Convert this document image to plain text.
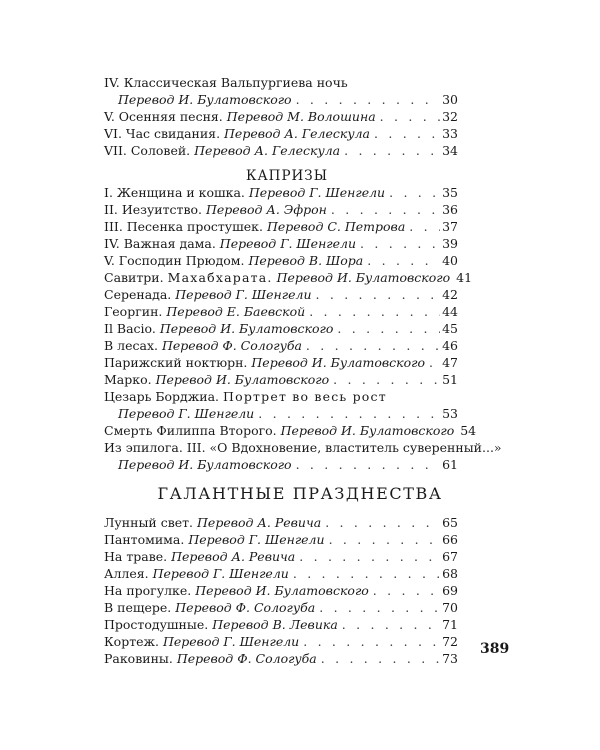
IV. Классическая Вальпургиева ночь
Перевод И. Булатовского . . .	30
V. Осенняя песня. Перевод М. Волошина . . .	32
VI. Час свидания. Перевод А. Гелескула . . .	33
VII. Соловей. Перевод А. Гелескула . . .	34
КАПРИЗЫ
I. Женщина и кошка. Перевод Г. Шенгели . . .	35
II. Иезуитство. Перевод А. Эфрон . . .	36
III. Песенка простушек. Перевод С. Петрова . . .	37
IV. Важная дама. Перевод Г. Шенгели . . .	39
V. Господин Прюдом. Перевод В. Шора . . .	40
Савитри. Махабхарата. Перевод И. Булатовского 41
Серенада. Перевод Г. Шенгели . . .	42
Георгин. Перевод Е. Баевской . . .	44
Il Bacio. Перевод И. Булатовского . . .	45
В лесах. Перевод Ф. Сологуба . . .	46
Парижский ноктюрн. Перевод И. Булатовского . . . 47
Марко. Перевод И. Булатовского . . .	51
Цезарь Борджиа. Портрет во весь рост
Перевод Г. Шенгели . . .	53
Смерть Филиппа Второго. Перевод И. Булатовского 54
Из эпилога. III. «О Вдохновение, властитель суверенный...»
Перевод И. Булатовского . . .	61
ГАЛАНТНЫЕ ПРАЗДНЕСТВА
Лунный свет. Перевод А. Ревича . . .	65
Пантомима. Перевод Г. Шенгели . . .	66
На траве. Перевод А. Ревича . . .	67
Аллея. Перевод Г. Шенгели . . .	68
На прогулке. Перевод И. Булатовского . . .	69
В пещере. Перевод Ф. Сологуба . . .	70
Простодушные. Перевод В. Левика . . .	71
Кортеж. Перевод Г. Шенгели . . .	72
Раковины. Перевод Ф. Сологуба . . .	73
389
